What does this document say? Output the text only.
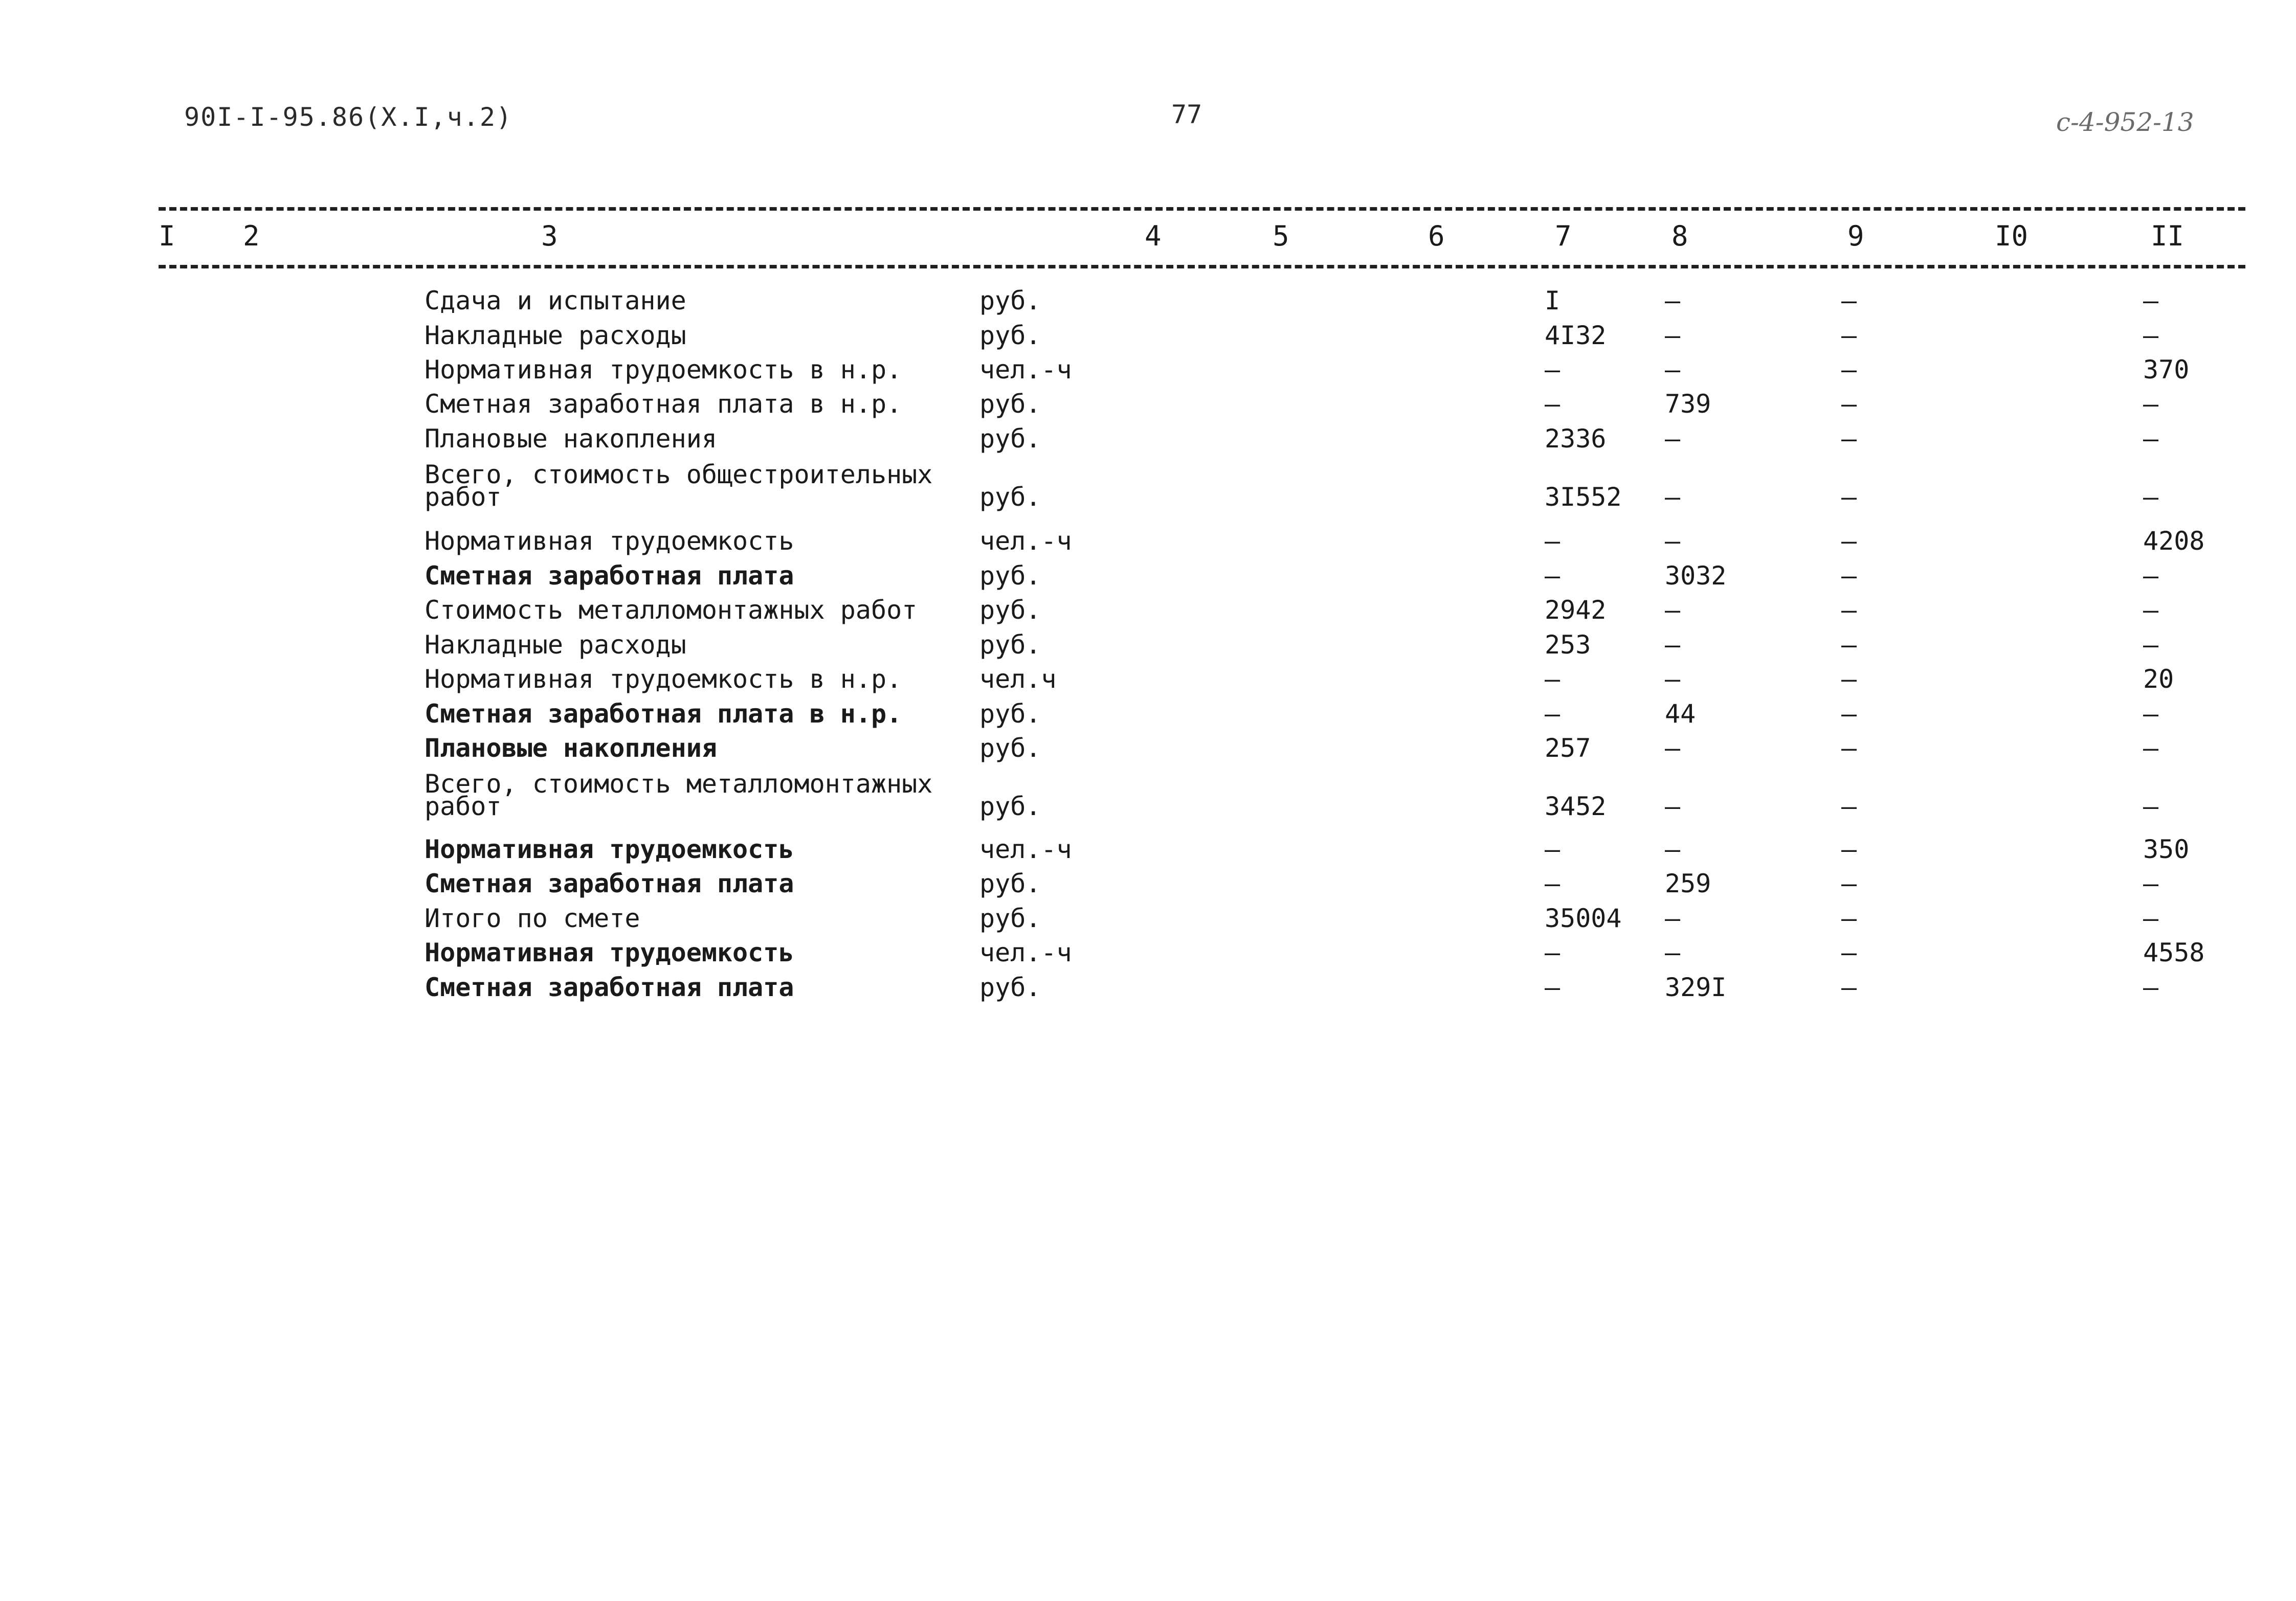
90I-I-95.86(X.I,ч.2)	77	с-4-952-13
I 2	3	4	5	6	7	8	9	I0	II
Сдача и испытание	руб.	I	–	–	–
Накладные расходы	руб.	4I32 –	–	–
Нормативная трудоемкость в н.р.	чел.-ч	–	–	–	370
Сметная заработная плата в н.р.	руб.	–	739	–	–
Плановые накопления	руб.	2336 –	–	–
Всего, стоимость общестроительных
работ	руб.	3I552 –	–	–
Нормативная трудоемкость	чел.-ч	–	–	–	4208
Сметная заработная плата	руб.	–	3032	–	–
Стоимость металломонтажных работ руб.	2942 –	–	–
Накладные расходы	руб.	253	–	–	–
Нормативная трудоемкость в н.р.	чел.ч	–	–	–	20
Сметная заработная плата в н.р.	руб.	–	44	–	–
Плановые накопления	руб.	257	–	–	–
Всего, стоимость металломонтажных
работ	руб.	3452 –	–	–
Нормативная трудоемкость	чел.-ч	–	–	–	350
Сметная заработная плата	руб.	–	259	–	–
Итого по смете	руб.	35004 –	–	–
Нормативная трудоемкость	чел.-ч	–	–	–	4558
Сметная заработная плата	руб.	–	329I	–	–
